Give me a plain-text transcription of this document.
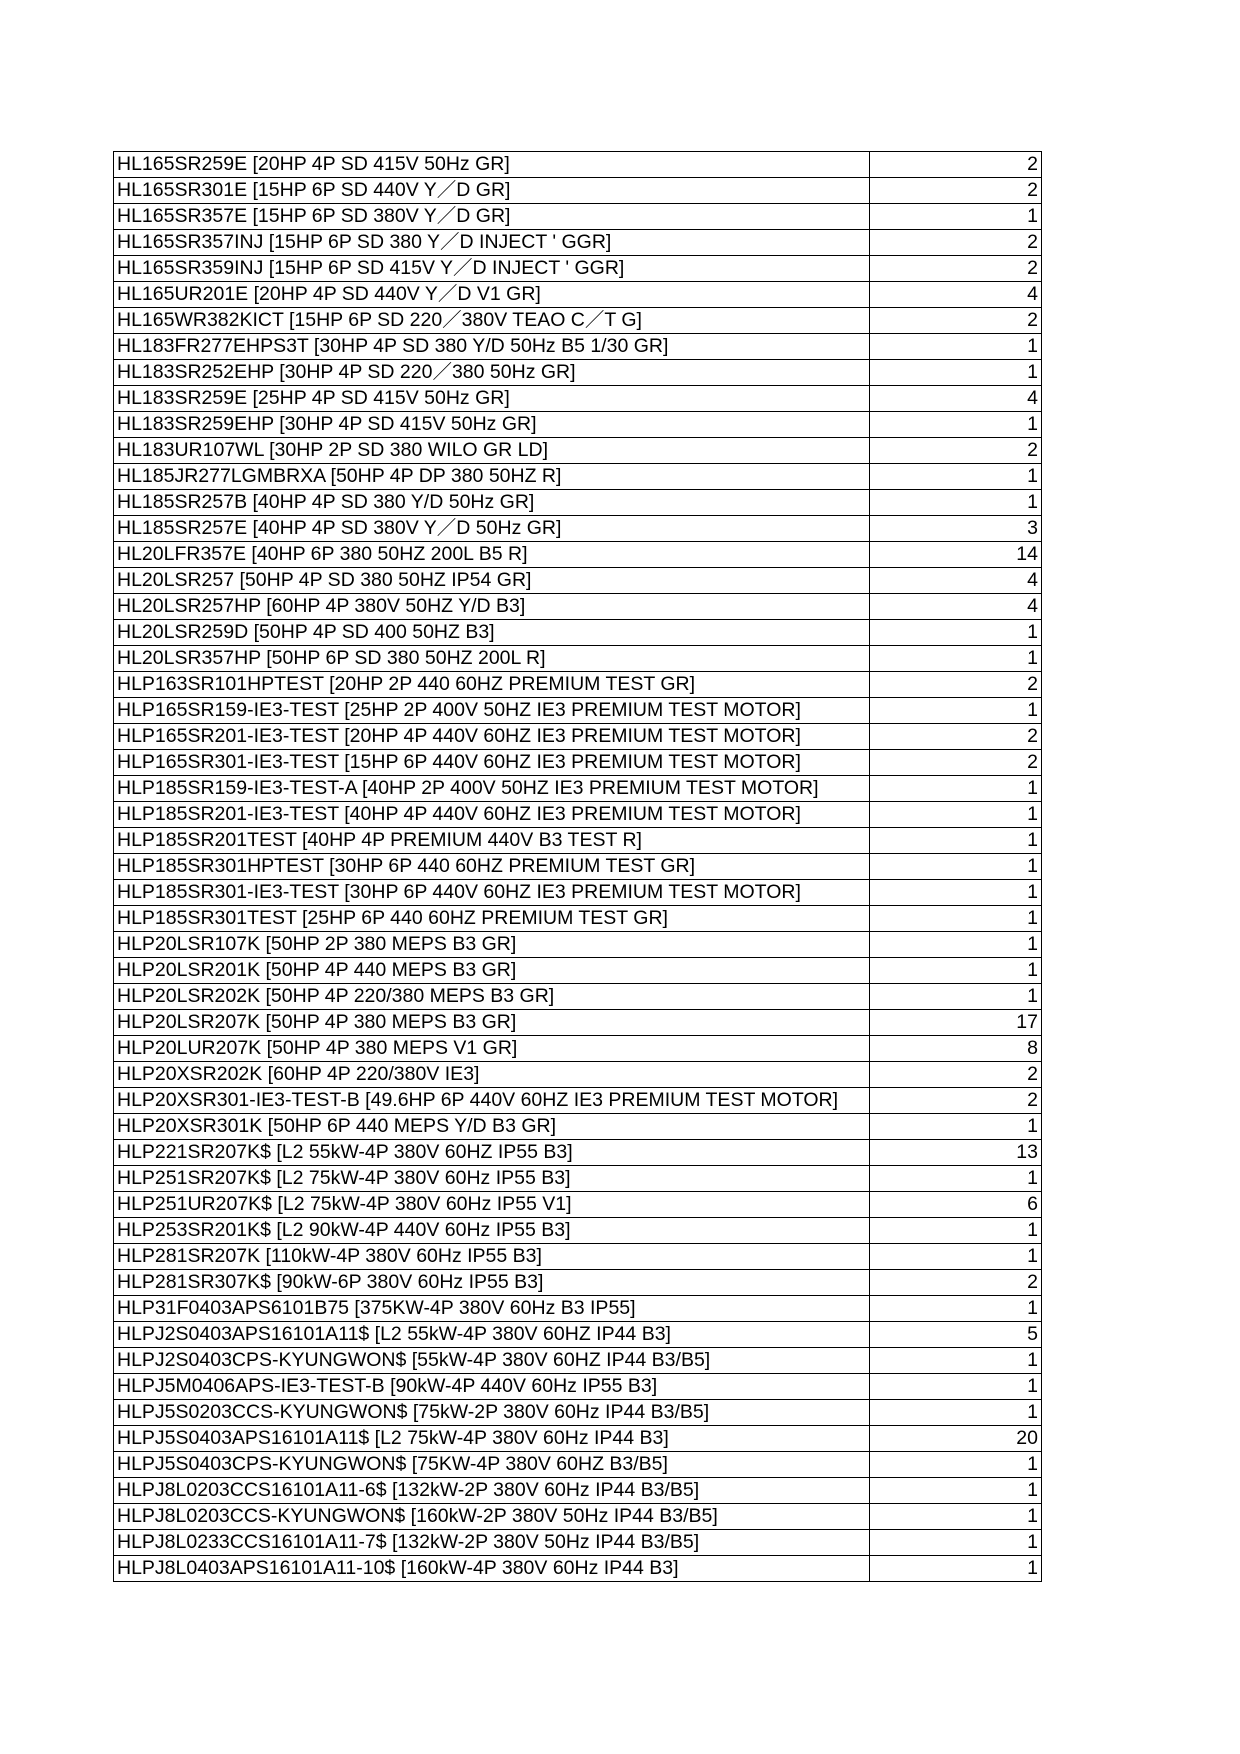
HL165SR259E [20HP 4P SD 415V 50Hz GR]	2
HL165SR301E [15HP 6P SD 440V Y／D GR]	2
HL165SR357E [15HP 6P SD 380V Y／D GR]	1
HL165SR357INJ [15HP 6P SD 380 Y／D INJECT ' GGR]	2
HL165SR359INJ [15HP 6P SD 415V Y／D INJECT ' GGR]	2
HL165UR201E [20HP 4P SD 440V Y／D V1 GR]	4
HL165WR382KICT [15HP 6P SD 220／380V TEAO C／T G]	2
HL183FR277EHPS3T [30HP 4P SD 380 Y/D 50Hz B5 1/30 GR]	1
HL183SR252EHP [30HP 4P SD 220／380 50Hz GR]	1
HL183SR259E [25HP 4P SD 415V 50Hz GR]	4
HL183SR259EHP [30HP 4P SD 415V 50Hz GR]	1
HL183UR107WL [30HP 2P SD 380 WILO GR LD]	2
HL185JR277LGMBRXA [50HP 4P DP 380 50HZ R]	1
HL185SR257B [40HP 4P SD 380 Y/D 50Hz GR]	1
HL185SR257E [40HP 4P SD 380V Y／D 50Hz GR]	3
HL20LFR357E [40HP 6P 380 50HZ 200L B5 R]	14
HL20LSR257 [50HP 4P SD 380 50HZ IP54 GR]	4
HL20LSR257HP [60HP 4P 380V 50HZ Y/D B3]	4
HL20LSR259D [50HP 4P SD 400 50HZ B3]	1
HL20LSR357HP [50HP 6P SD 380 50HZ 200L R]	1
HLP163SR101HPTEST [20HP 2P 440 60HZ PREMIUM TEST GR]	2
HLP165SR159-IE3-TEST [25HP 2P 400V 50HZ IE3 PREMIUM TEST MOTOR]	1
HLP165SR201-IE3-TEST [20HP 4P 440V 60HZ IE3 PREMIUM TEST MOTOR]	2
HLP165SR301-IE3-TEST [15HP 6P 440V 60HZ IE3 PREMIUM TEST MOTOR]	2
HLP185SR159-IE3-TEST-A [40HP 2P 400V 50HZ IE3 PREMIUM TEST MOTOR]	1
HLP185SR201-IE3-TEST [40HP 4P 440V 60HZ IE3 PREMIUM TEST MOTOR]	1
HLP185SR201TEST [40HP 4P PREMIUM 440V B3 TEST R]	1
HLP185SR301HPTEST [30HP 6P 440 60HZ PREMIUM TEST GR]	1
HLP185SR301-IE3-TEST [30HP 6P 440V 60HZ IE3 PREMIUM TEST MOTOR]	1
HLP185SR301TEST [25HP 6P 440 60HZ PREMIUM TEST GR]	1
HLP20LSR107K [50HP 2P 380 MEPS B3 GR]	1
HLP20LSR201K [50HP 4P 440 MEPS B3 GR]	1
HLP20LSR202K [50HP 4P 220/380 MEPS B3 GR]	1
HLP20LSR207K [50HP 4P 380 MEPS B3 GR]	17
HLP20LUR207K [50HP 4P 380 MEPS V1 GR]	8
HLP20XSR202K [60HP 4P 220/380V IE3]	2
HLP20XSR301-IE3-TEST-B [49.6HP 6P 440V 60HZ IE3 PREMIUM TEST MOTOR]	2
HLP20XSR301K [50HP 6P 440 MEPS Y/D B3 GR]	1
HLP221SR207K$ [L2 55kW-4P 380V 60HZ IP55 B3]	13
HLP251SR207K$ [L2 75kW-4P 380V 60Hz IP55 B3]	1
HLP251UR207K$ [L2 75kW-4P 380V 60Hz IP55 V1]	6
HLP253SR201K$ [L2 90kW-4P 440V 60Hz IP55 B3]	1
HLP281SR207K [110kW-4P 380V 60Hz IP55 B3]	1
HLP281SR307K$ [90kW-6P 380V 60Hz IP55 B3]	2
HLP31F0403APS6101B75 [375KW-4P 380V 60Hz B3 IP55]	1
HLPJ2S0403APS16101A11$ [L2 55kW-4P 380V 60HZ IP44 B3]	5
HLPJ2S0403CPS-KYUNGWON$ [55kW-4P 380V 60HZ IP44 B3/B5]	1
HLPJ5M0406APS-IE3-TEST-B [90kW-4P 440V 60Hz IP55 B3]	1
HLPJ5S0203CCS-KYUNGWON$ [75kW-2P 380V 60Hz IP44 B3/B5]	1
HLPJ5S0403APS16101A11$ [L2 75kW-4P 380V 60Hz IP44 B3]	20
HLPJ5S0403CPS-KYUNGWON$ [75KW-4P 380V 60HZ B3/B5]	1
HLPJ8L0203CCS16101A11-6$ [132kW-2P 380V 60Hz IP44 B3/B5]	1
HLPJ8L0203CCS-KYUNGWON$ [160kW-2P 380V 50Hz IP44 B3/B5]	1
HLPJ8L0233CCS16101A11-7$ [132kW-2P 380V 50Hz IP44 B3/B5]	1
HLPJ8L0403APS16101A11-10$ [160kW-4P 380V 60Hz IP44 B3]	1
